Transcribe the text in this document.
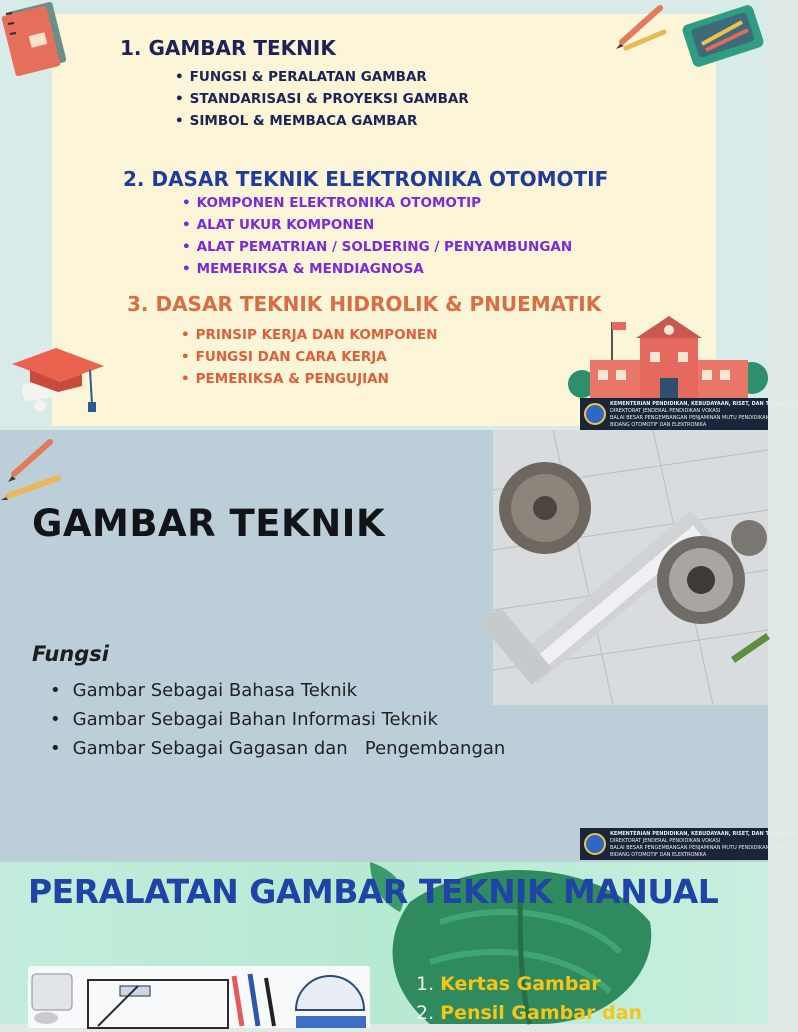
1. GAMBAR TEKNIK
• FUNGSI & PERALATAN GAMBAR
• STANDARISASI & PROYEKSI GAMBAR
• SIMBOL & MEMBACA GAMBAR
2. DASAR TEKNIK ELEKTRONIKA OTOMOTIF
• KOMPONEN ELEKTRONIKA OTOMOTIP
• ALAT UKUR KOMPONEN
• ALAT PEMATRIAN / SOLDERING / PENYAMBUNGAN
• MEMERIKSA & MENDIAGNOSA
3. DASAR TEKNIK HIDROLIK & PNUEMATIK
• PRINSIP KERJA DAN KOMPONEN
• FUNGSI DAN CARA KERJA
• PEMERIKSA & PENGUJIAN
KEMENTERIAN PENDIDIKAN, KEBUDAYAAN, RISET, DAN TEKNOLOGI
DIREKTORAT JENDERAL PENDIDIKAN VOKASI
BALAI BESAR PENGEMBANGAN PENJAMINAN MUTU PENDIDIKAN VOKASI
BIDANG OTOMOTIF DAN ELEKTRONIKA
GAMBAR TEKNIK
Fungsi
• Gambar Sebagai Bahasa Teknik
• Gambar Sebagai Bahan Informasi Teknik
• Gambar Sebagai Gagasan dan   Pengembangan
KEMENTERIAN PENDIDIKAN, KEBUDAYAAN, RISET, DAN TEKNOLOGI
DIREKTORAT JENDERAL PENDIDIKAN VOKASI
BALAI BESAR PENGEMBANGAN PENJAMINAN MUTU PENDIDIKAN VOKASI
BIDANG OTOMOTIF DAN ELEKTRONIKA
PERALATAN GAMBAR TEKNIK MANUAL
1. Kertas Gambar
2. Pensil Gambar dan
